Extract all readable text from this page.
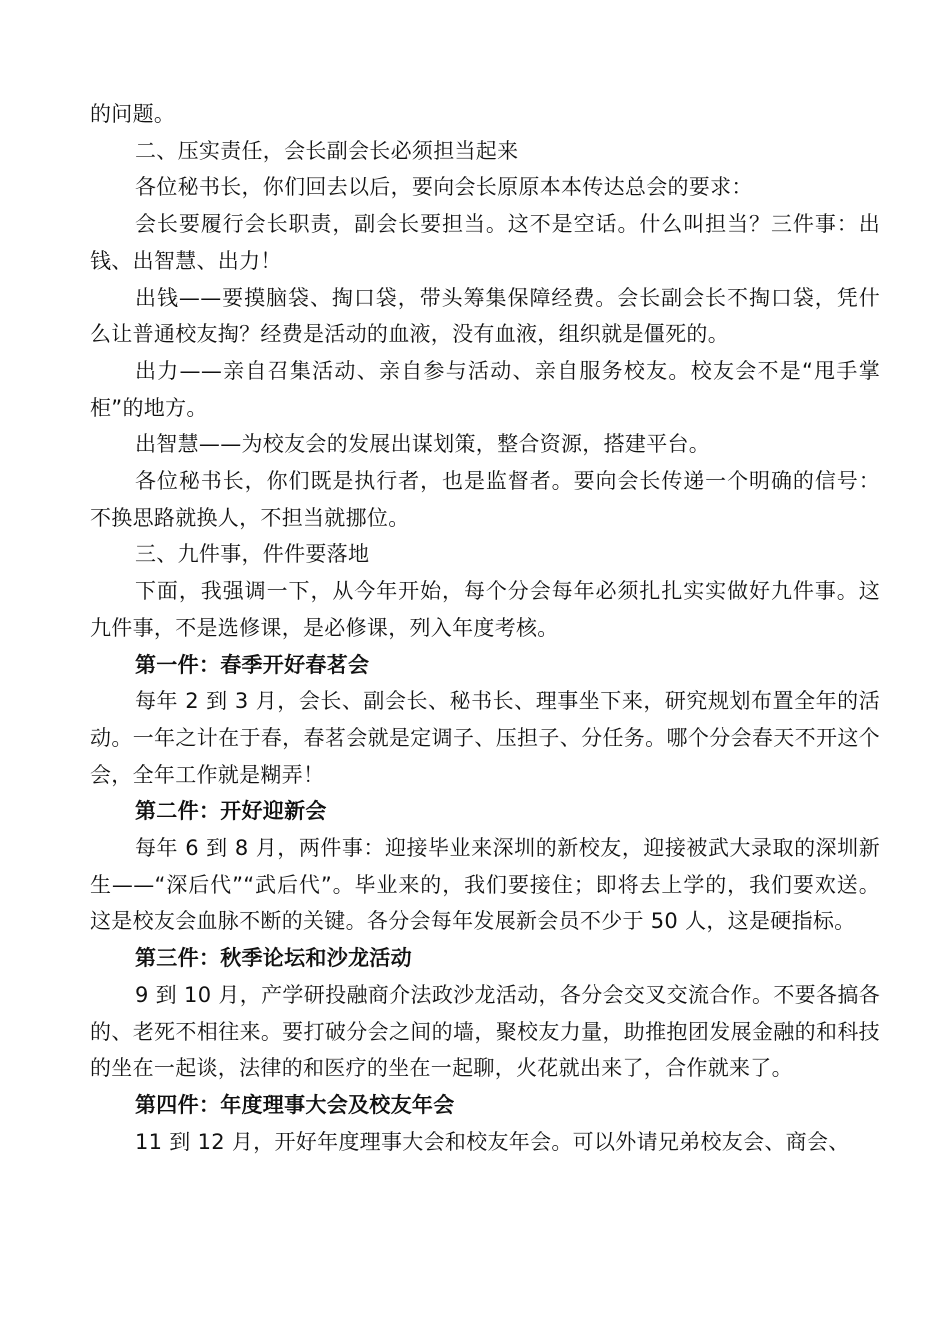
的问题。

二、压实责任，会长副会长必须担当起来

各位秘书长，你们回去以后，要向会长原原本本传达总会的要求：

会长要履行会长职责，副会长要担当。这不是空话。什么叫担当？三件事：出钱、出智慧、出力！

出钱——要摸脑袋、掏口袋，带头筹集保障经费。会长副会长不掏口袋，凭什么让普通校友掏？经费是活动的血液，没有血液，组织就是僵死的。

出力——亲自召集活动、亲自参与活动、亲自服务校友。校友会不是“甩手掌柜”的地方。

出智慧——为校友会的发展出谋划策，整合资源，搭建平台。

各位秘书长，你们既是执行者，也是监督者。要向会长传递一个明确的信号：不换思路就换人，不担当就挪位。

三、九件事，件件要落地

下面，我强调一下，从今年开始，每个分会每年必须扎扎实实做好九件事。这九件事，不是选修课，是必修课，列入年度考核。

第一件：春季开好春茗会

每年 2 到 3 月，会长、副会长、秘书长、理事坐下来，研究规划布置全年的活动。一年之计在于春，春茗会就是定调子、压担子、分任务。哪个分会春天不开这个会，全年工作就是糊弄！

第二件：开好迎新会

每年 6 到 8 月，两件事：迎接毕业来深圳的新校友，迎接被武大录取的深圳新生——“深后代”“武后代”。毕业来的，我们要接住；即将去上学的，我们要欢送。这是校友会血脉不断的关键。各分会每年发展新会员不少于 50 人，这是硬指标。

第三件：秋季论坛和沙龙活动

9 到 10 月，产学研投融商介法政沙龙活动，各分会交叉交流合作。不要各搞各的、老死不相往来。要打破分会之间的墙，聚校友力量，助推抱团发展金融的和科技的坐在一起谈，法律的和医疗的坐在一起聊，火花就出来了，合作就来了。

第四件：年度理事大会及校友年会

11 到 12 月，开好年度理事大会和校友年会。可以外请兄弟校友会、商会、
